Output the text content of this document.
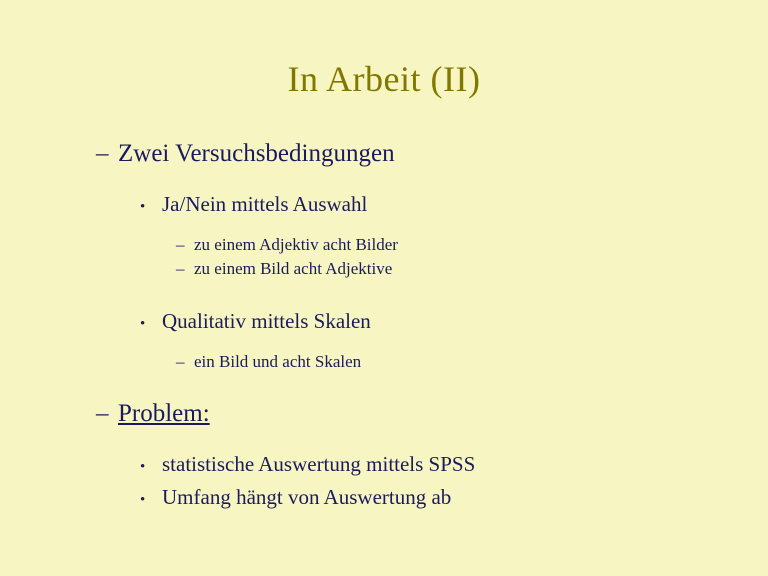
In Arbeit (II)
– Zwei Versuchsbedingungen
• Ja/Nein mittels Auswahl
– zu einem Adjektiv acht Bilder
– zu einem Bild acht Adjektive
• Qualitativ mittels Skalen
– ein Bild und acht Skalen
– Problem:
• statistische Auswertung mittels SPSS
• Umfang hängt von Auswertung ab
